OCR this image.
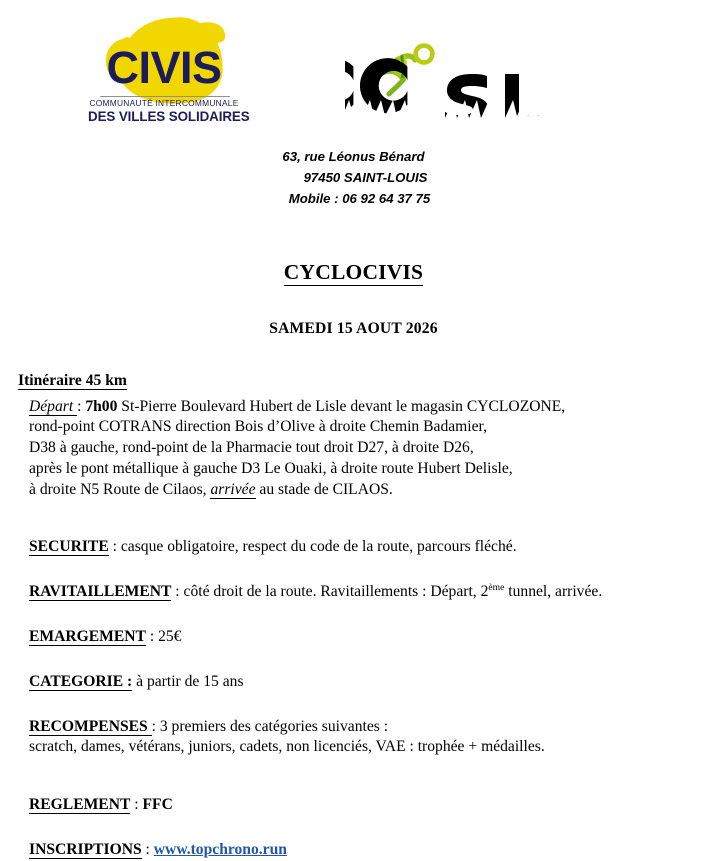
CIVIS
COMMUNAUTÉ INTERCOMMUNALE
DES VILLES SOLIDAIRES
63, rue Léonus Bénard
97450 SAINT-LOUIS
Mobile : 06 92 64 37 75
CYCLOCIVIS
SAMEDI 15 AOUT 2026
Itinéraire 45 km
Départ : 7h00 St-Pierre Boulevard Hubert de Lisle devant le magasin CYCLOZONE,
rond-point COTRANS direction Bois d’Olive à droite Chemin Badamier,
D38 à gauche, rond-point de la Pharmacie tout droit D27, à droite D26,
après le pont métallique à gauche D3 Le Ouaki, à droite route Hubert Delisle,
à droite N5 Route de Cilaos, arrivée au stade de CILAOS.
SECURITE : casque obligatoire, respect du code de la route, parcours fléché.
RAVITAILLEMENT : côté droit de la route. Ravitaillements : Départ, 2ème tunnel, arrivée.
EMARGEMENT : 25€
CATEGORIE : à partir de 15 ans
RECOMPENSES : 3 premiers des catégories suivantes :
scratch, dames, vétérans, juniors, cadets, non licenciés, VAE : trophée + médailles.
REGLEMENT : FFC
INSCRIPTIONS : www.topchrono.run
